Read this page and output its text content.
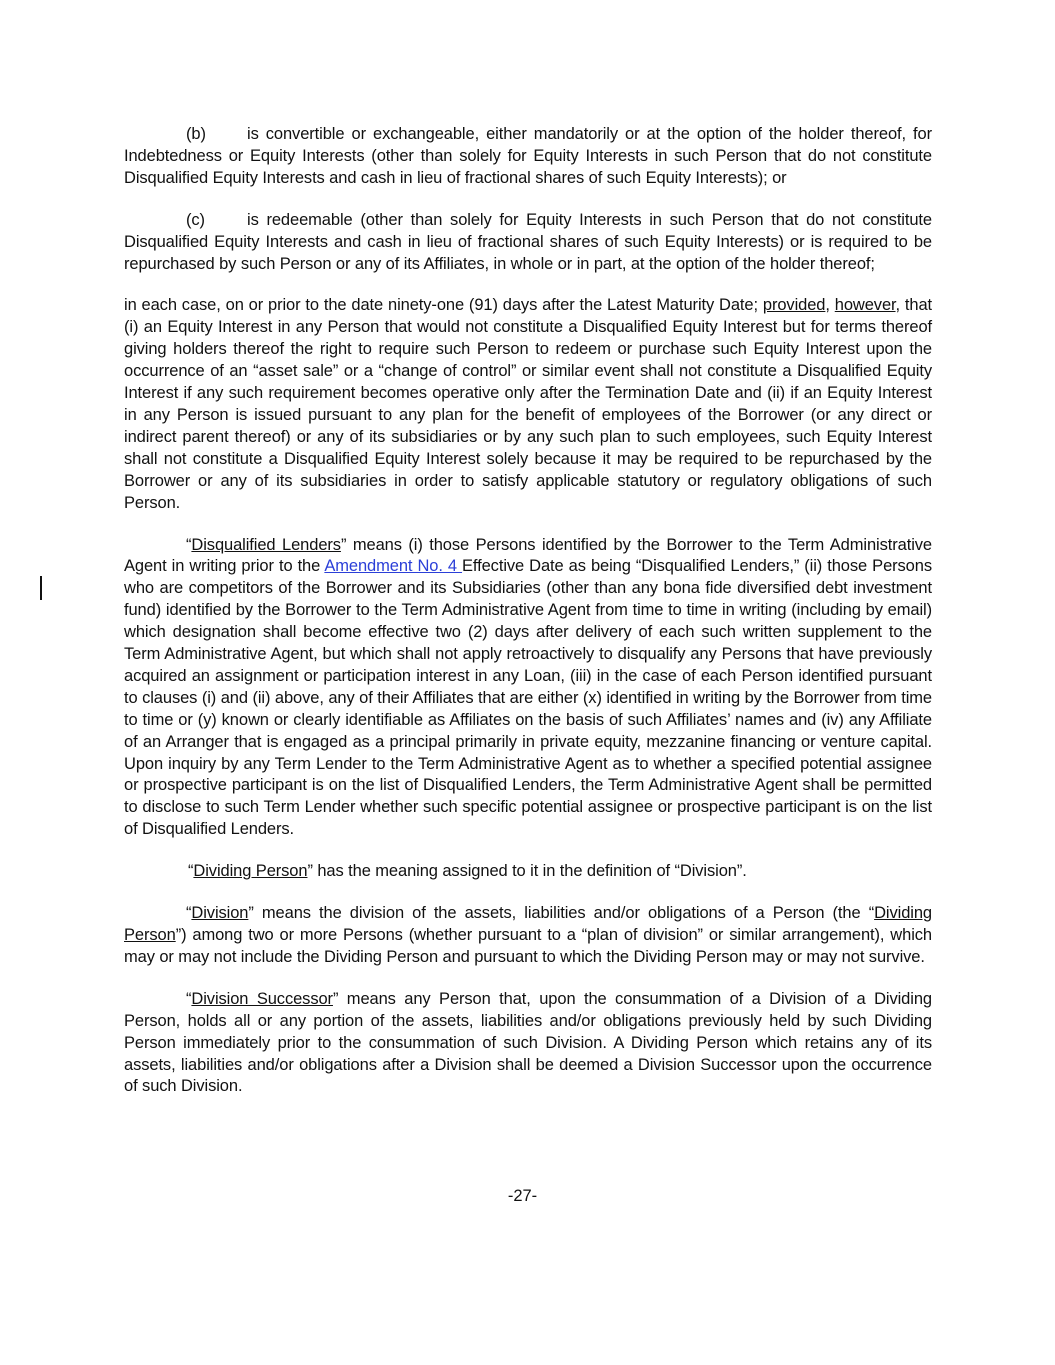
(b) is convertible or exchangeable, either mandatorily or at the option of the holder thereof, for Indebtedness or Equity Interests (other than solely for Equity Interests in such Person that do not constitute Disqualified Equity Interests and cash in lieu of fractional shares of such Equity Interests); or

(c)	is redeemable (other than solely for Equity Interests in such Person that do not constitute Disqualified Equity Interests and cash in lieu of fractional shares of such Equity Interests) or is required to be repurchased by such Person or any of its Affiliates, in whole or in part, at the option of the holder thereof;

in each case, on or prior to the date ninety-one (91) days after the Latest Maturity Date; provided, however, that (i) an Equity Interest in any Person that would not constitute a Disqualified Equity Interest but for terms thereof giving holders thereof the right to require such Person to redeem or purchase such Equity Interest upon the occurrence of an “asset sale” or a “change of control” or similar event shall not constitute a Disqualified Equity Interest if any such requirement becomes operative only after the Termination Date and (ii) if an Equity Interest in any Person is issued pursuant to any plan for the benefit of employees of the Borrower (or any direct or indirect parent thereof) or any of its subsidiaries or by any such plan to such employees, such Equity Interest shall not constitute a Disqualified Equity Interest solely because it may be required to be repurchased by the Borrower or any of its subsidiaries in order to satisfy applicable statutory or regulatory obligations of such Person.

“Disqualified Lenders” means (i) those Persons identified by the Borrower to the Term Administrative Agent in writing prior to the Amendment No. 4 Effective Date as being “Disqualified Lenders,” (ii) those Persons who are competitors of the Borrower and its Subsidiaries (other than any bona fide diversified debt investment fund) identified by the Borrower to the Term Administrative Agent from time to time in writing (including by email) which designation shall become effective two (2) days after delivery of each such written supplement to the Term Administrative Agent, but which shall not apply retroactively to disqualify any Persons that have previously acquired an assignment or participation interest in any Loan, (iii) in the case of each Person identified pursuant to clauses (i) and (ii) above, any of their Affiliates that are either (x) identified in writing by the Borrower from time to time or (y) known or clearly identifiable as Affiliates on the basis of such Affiliates’ names and (iv) any Affiliate of an Arranger that is engaged as a principal primarily in private equity, mezzanine financing or venture capital. Upon inquiry by any Term Lender to the Term Administrative Agent as to whether a specified potential assignee or prospective participant is on the list of Disqualified Lenders, the Term Administrative Agent shall be permitted to disclose to such Term Lender whether such specific potential assignee or prospective participant is on the list of Disqualified Lenders.

“Dividing Person” has the meaning assigned to it in the definition of “Division”.

“Division” means the division of the assets, liabilities and/or obligations of a Person (the “Dividing Person”) among two or more Persons (whether pursuant to a “plan of division” or similar arrangement), which may or may not include the Dividing Person and pursuant to which the Dividing Person may or may not survive.

“Division Successor” means any Person that, upon the consummation of a Division of a Dividing Person, holds all or any portion of the assets, liabilities and/or obligations previously held by such Dividing Person immediately prior to the consummation of such Division. A Dividing Person which retains any of its assets, liabilities and/or obligations after a Division shall be deemed a Division Successor upon the occurrence of such Division.

-27-
